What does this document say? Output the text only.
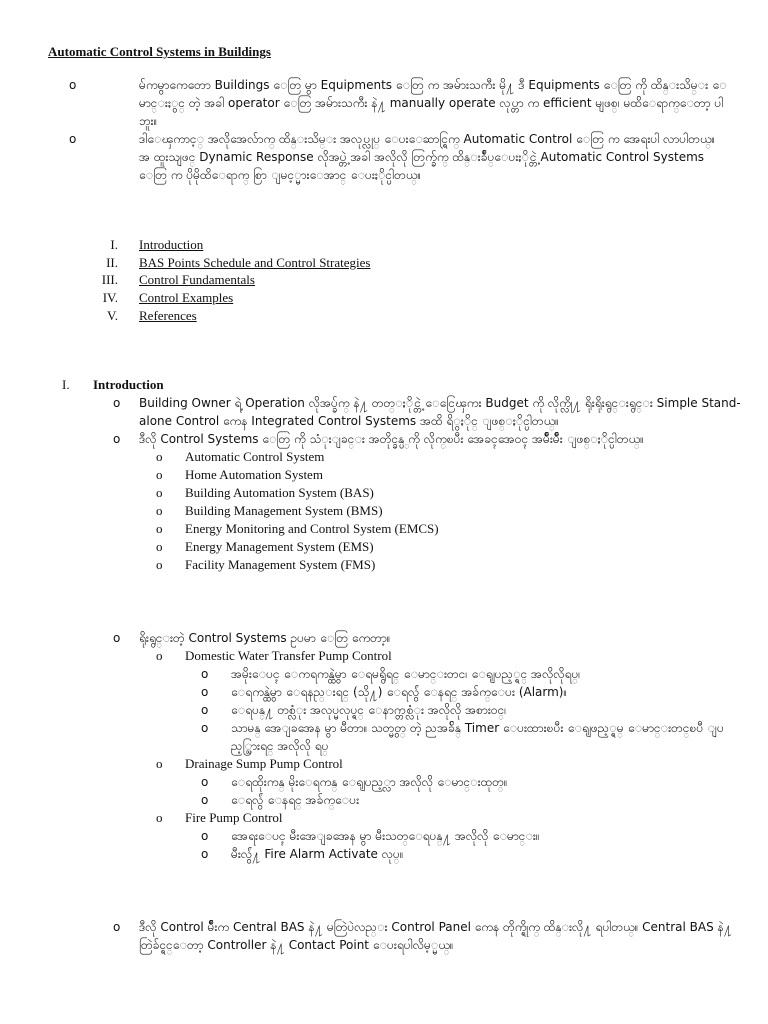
Automatic Control Systems in Buildings

o	မ်ကမွာကေတော Buildings ေတြ မွာ Equipments ေတြ က အမ်ားသကီး မို႔ ဒီ Equipments ေတြ ကို ထိန္းသိမ္း ေမာင္းႏွင္ တဲ့ အခါ operator ေတြ အမ်ားသကီး နဲ႔ manually operate လုပ္တာ က efficient မျဖစ္၊ မထိေရာက္ေတာ့ ပါဘူး။

o	ဒါေၾကာင့္ အလိုအေလ်ာက္ ထိန္းသိမ္း အလုပ္လုပ္ ေပးေဆာင္ရြက္ Automatic Control ေတြ က အေရးပါ လာပါတယ္။ အ ထူးသျဖင္ Dynamic Response လိုအပ္တဲ့ အခါ အလိုလို တြက္ခ်က္ ထိန္းခ်ဳပ္ေပးႏိုင္တဲ့ Automatic Control Systems ေတြ က ပိုမိုထိေရာက္ စြာ ျမင့္မားေအာင္ ေပးႏိုင္ပါတယ္။

I. Introduction
II. BAS Points Schedule and Control Strategies
III. Control Fundamentals
IV. Control Examples
V. References
I. Introduction

o Building Owner ရဲ့ Operation လိုအပ္ခ်က္ နဲ႔ တတ္ႏိုင္တဲ့ ေငြေၾကး Budget ကို လိုက္လို႔ ရိုးရိုးရွင္းရွင္း Simple Stand-alone Control ကေန Integrated Control Systems အထိ ရိွႏိုင္ ျဖစ္ႏိုင္ပါတယ္။

o ဒီလို Control Systems ေတြ ကို သံုးျခင္း အတိုင္ခန္ပ္ ကို လိုက္ၿပီး အေခၚအေဝၚ အမ်ိဳးမ်ိဳး ျဖစ္ႏိုင္ပါတယ္။

o Automatic Control System

o Home Automation System

o Building Automation System (BAS)

o Building Management System (BMS)

o Energy Monitoring and Control System (EMCS)

o Energy Management System (EMS)

o Facility Management System (FMS)

o ရိုးရွင္းတဲ့ Control Systems ဥပမာ ေတြ ကေတာ့။

o Domestic Water Transfer Pump Control

o အမိုးေပၚ ေကရကန္ထဲမွာ ေရမရွိရင္ ေမာင္းတင၊ ေရျပည့္ရင္ အလိုလိုရပ္၊

o ေရကန္ထဲမွာ ေရနည္းရင္ (သို႔) ေရလွ်ံ ေနရင္ အခ်က္ေပး (Alarm)။

o ေရပန္႔ တစ္လံုး အလုပ္မလုပ္ရင္ ေနာက္တစ္လံုး အလိုလို အစားဝင္၊

o သာမန္ အေျခအေန မွာ မီတာ။ သတ္မွတ္ တဲ့ ညအခ်ိန္ Timer ေပးထားၿပီး ေရျဖည့္ရမ္ ေမာင္းတင္ၿပီ ျပည့္သြားရင္ အလိုလို ရပ္

o Drainage Sump Pump Control

o ေရထိုးကန္ မိုးေရကန္ ေရျပည့္လာ အလိုလို ေမာင္းထုတ္။

o ေရလွ်ံ ေနရင္ အခ်က္ေပး

o Fire Pump Control

o အေရးေပၚ မီးအေျခအေန မွာ မီးသတ္ေရပန္႔ အလိုလို ေမာင္း။

o မီးလွ်ံ႔ Fire Alarm Activate လုပ္။

o ဒီလို Control မ်ိဳးက Central BAS နဲ႔ မတြဲပဲလည္း Control Panel ကေန တိုက္ရိုက္ ထိန္းလို႔ ရပါတယ္။ Central BAS နဲ႔ တြဲခ်င္ရင္ေတာ့ Controller နဲ႔ Contact Point ေပးရပါလိမ့္မယ္။
